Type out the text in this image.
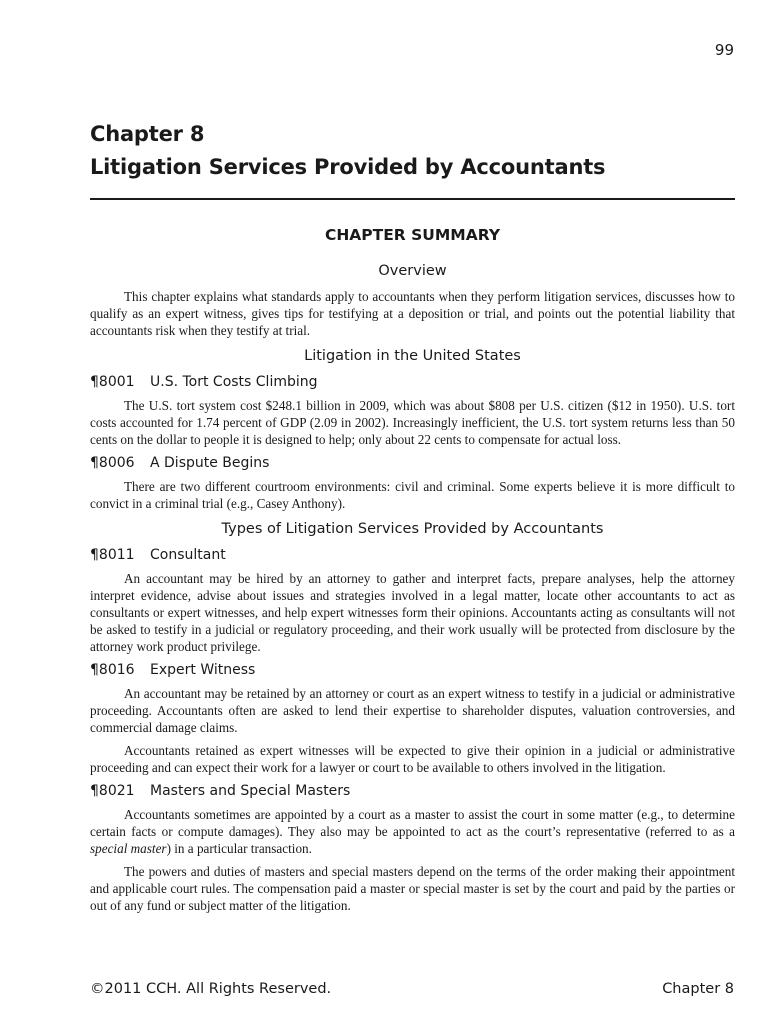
99
Chapter 8
Litigation Services Provided by Accountants
CHAPTER SUMMARY
Overview

This chapter explains what standards apply to accountants when they perform litigation services, discusses how to qualify as an expert witness, gives tips for testifying at a deposition or trial, and points out the potential liability that accountants risk when they testify at trial.

Litigation in the United States
¶8001 U.S. Tort Costs Climbing

The U.S. tort system cost $248.1 billion in 2009, which was about $808 per U.S. citizen ($12 in 1950). U.S. tort costs accounted for 1.74 percent of GDP (2.09 in 2002). Increasingly inefficient, the U.S. tort system returns less than 50 cents on the dollar to people it is designed to help; only about 22 cents to compensate for actual loss.

¶8006 A Dispute Begins

There are two different courtroom environments: civil and criminal. Some experts believe it is more difficult to convict in a criminal trial (e.g., Casey Anthony).

Types of Litigation Services Provided by Accountants
¶8011 Consultant

An accountant may be hired by an attorney to gather and interpret facts, prepare analyses, help the attorney interpret evidence, advise about issues and strategies involved in a legal matter, locate other accountants to act as consultants or expert witnesses, and help expert witnesses form their opinions. Accountants acting as consultants will not be asked to testify in a judicial or regulatory proceeding, and their work usually will be protected from disclosure by the attorney work product privilege.

¶8016 Expert Witness

An accountant may be retained by an attorney or court as an expert witness to testify in a judicial or administrative proceeding. Accountants often are asked to lend their expertise to shareholder disputes, valuation controversies, and commercial damage claims.

Accountants retained as expert witnesses will be expected to give their opinion in a judicial or administrative proceeding and can expect their work for a lawyer or court to be available to others involved in the litigation.

¶8021 Masters and Special Masters

Accountants sometimes are appointed by a court as a master to assist the court in some matter (e.g., to determine certain facts or compute damages). They also may be appointed to act as the court’s representative (referred to as a special master) in a particular transaction.

The powers and duties of masters and special masters depend on the terms of the order making their appointment and applicable court rules. The compensation paid a master or special master is set by the court and paid by the parties or out of any fund or subject matter of the litigation.

©2011 CCH. All Rights Reserved.	Chapter 8
